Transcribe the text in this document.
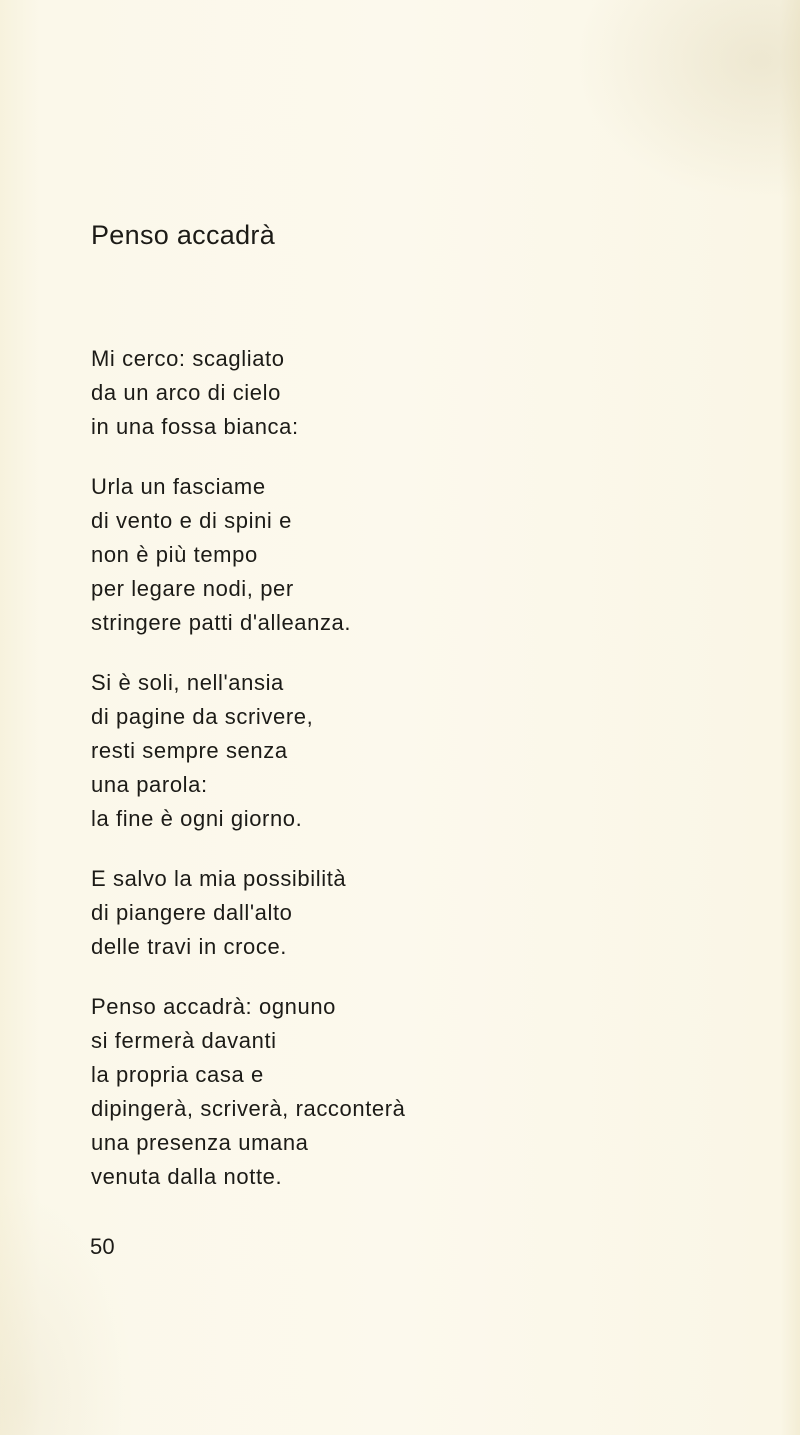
Penso accadrà
Mi cerco: scagliato
da un arco di cielo
in una fossa bianca:
Urla un fasciame
di vento e di spini e
non è più tempo
per legare nodi, per
stringere patti d'alleanza.
Si è soli, nell'ansia
di pagine da scrivere,
resti sempre senza
una parola:
la fine è ogni giorno.
E salvo la mia possibilità
di piangere dall'alto
delle travi in croce.
Penso accadrà: ognuno
si fermerà davanti
la propria casa e
dipingerà, scriverà, racconterà
una presenza umana
venuta dalla notte.
50
